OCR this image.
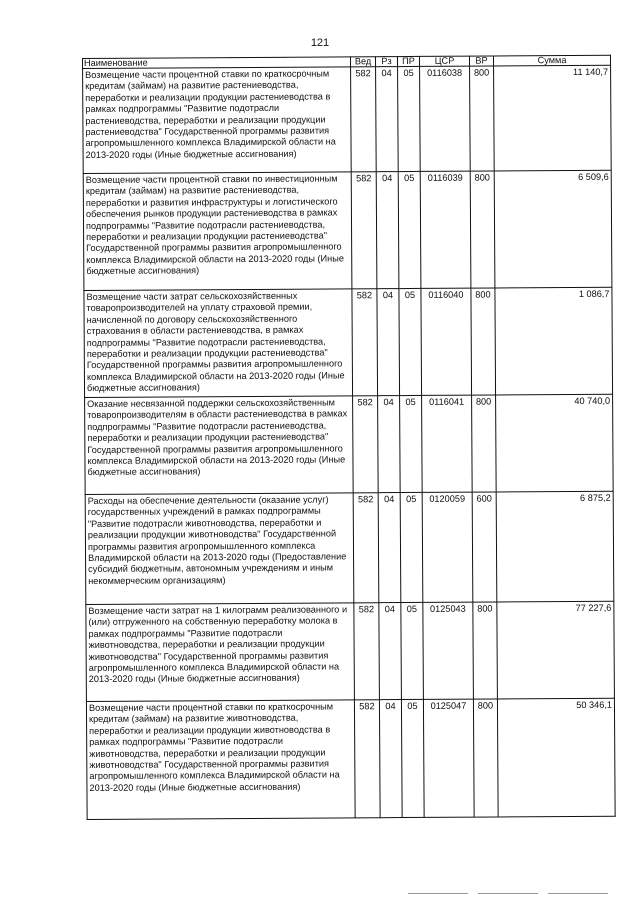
121
Наименование	Вед	Рз	ПР	ЦСР	ВР	Сумма
Возмещение части процентной ставки по краткосрочным кредитам (займам) на развитие растениеводства, переработки и реализации продукции растениеводства в рамках подпрограммы "Развитие подотрасли растениеводства, переработки и реализации продукции растениеводства" Государственной программы развития агропромышленного комплекса Владимирской области на 2013-2020 годы (Иные бюджетные ассигнования)	582	04	05	0116038	800	11 140,7
Возмещение части процентной ставки по инвестиционным кредитам (займам) на развитие растениеводства, переработки и развития инфраструктуры и логистического обеспечения рынков продукции растениеводства в рамках подпрограммы "Развитие подотрасли растениеводства, переработки и реализации продукции растениеводства" Государственной программы развития агропромышленного комплекса Владимирской области на 2013-2020 годы (Иные бюджетные ассигнования)	582	04	05	0116039	800	6 509,6
Возмещение части затрат сельскохозяйственных товаропроизводителей на уплату страховой премии, начисленной по договору сельскохозяйственного страхования в области растениеводства, в рамках подпрограммы "Развитие подотрасли растениеводства, переработки и реализации продукции растениеводства" Государственной программы развития агропромышленного комплекса Владимирской области на 2013-2020 годы (Иные бюджетные ассигнования)	582	04	05	0116040	800	1 086,7
Оказание несвязанной поддержки сельскохозяйственным товаропроизводителям в области растениеводства в рамках подпрограммы "Развитие подотрасли растениеводства, переработки и реализации продукции растениеводства" Государственной программы развития агропромышленного комплекса Владимирской области на 2013-2020 годы (Иные бюджетные ассигнования)	582	04	05	0116041	800	40 740,0
Расходы на обеспечение деятельности (оказание услуг) государственных учреждений в рамках подпрограммы "Развитие подотрасли животноводства, переработки и реализации продукции животноводства" Государственной программы развития агропромышленного комплекса Владимирской области на 2013-2020 годы (Предоставление субсидий бюджетным, автономным учреждениям и иным некоммерческим организациям)	582	04	05	0120059	600	6 875,2
Возмещение части затрат на 1 килограмм реализованного и (или) отгруженного на собственную переработку молока в рамках подпрограммы "Развитие подотрасли животноводства, переработки и реализации продукции животноводства" Государственной программы развития агропромышленного комплекса Владимирской области на 2013-2020 годы (Иные бюджетные ассигнования)	582	04	05	0125043	800	77 227,6
Возмещение части процентной ставки по краткосрочным кредитам (займам) на развитие животноводства, переработки и реализации продукции животноводства в рамках подпрограммы "Развитие подотрасли животноводства, переработки и реализации продукции животноводства" Государственной программы развития агропромышленного комплекса Владимирской области на 2013-2020 годы (Иные бюджетные ассигнования)	582	04	05	0125047	800	50 346,1
